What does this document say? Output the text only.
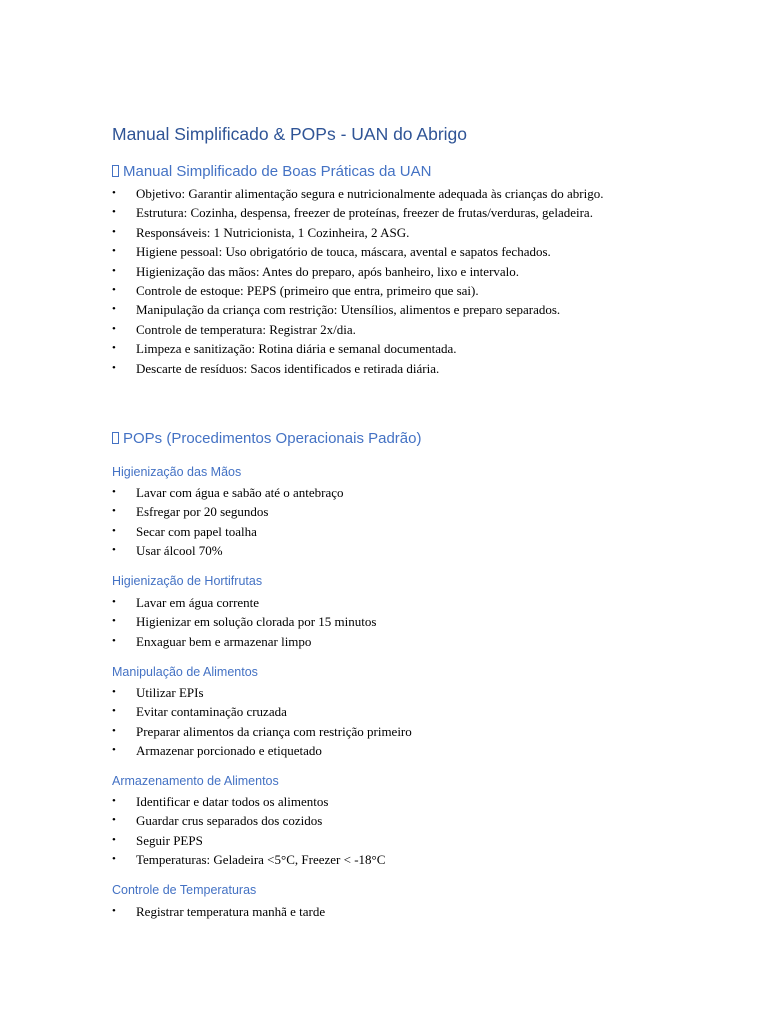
Manual Simplificado & POPs - UAN do Abrigo
Manual Simplificado de Boas Práticas da UAN
• Objetivo: Garantir alimentação segura e nutricionalmente adequada às crianças do abrigo.
• Estrutura: Cozinha, despensa, freezer de proteínas, freezer de frutas/verduras, geladeira.
• Responsáveis: 1 Nutricionista, 1 Cozinheira, 2 ASG.
• Higiene pessoal: Uso obrigatório de touca, máscara, avental e sapatos fechados.
• Higienização das mãos: Antes do preparo, após banheiro, lixo e intervalo.
• Controle de estoque: PEPS (primeiro que entra, primeiro que sai).
• Manipulação da criança com restrição: Utensílios, alimentos e preparo separados.
• Controle de temperatura: Registrar 2x/dia.
• Limpeza e sanitização: Rotina diária e semanal documentada.
• Descarte de resíduos: Sacos identificados e retirada diária.
POPs (Procedimentos Operacionais Padrão)
Higienização das Mãos
• Lavar com água e sabão até o antebraço
• Esfregar por 20 segundos
• Secar com papel toalha
• Usar álcool 70%
Higienização de Hortifrutas
• Lavar em água corrente
• Higienizar em solução clorada por 15 minutos
• Enxaguar bem e armazenar limpo
Manipulação de Alimentos
• Utilizar EPIs
• Evitar contaminação cruzada
• Preparar alimentos da criança com restrição primeiro
• Armazenar porcionado e etiquetado
Armazenamento de Alimentos
• Identificar e datar todos os alimentos
• Guardar crus separados dos cozidos
• Seguir PEPS
• Temperaturas: Geladeira <5°C, Freezer < -18°C
Controle de Temperaturas
• Registrar temperatura manhã e tarde
